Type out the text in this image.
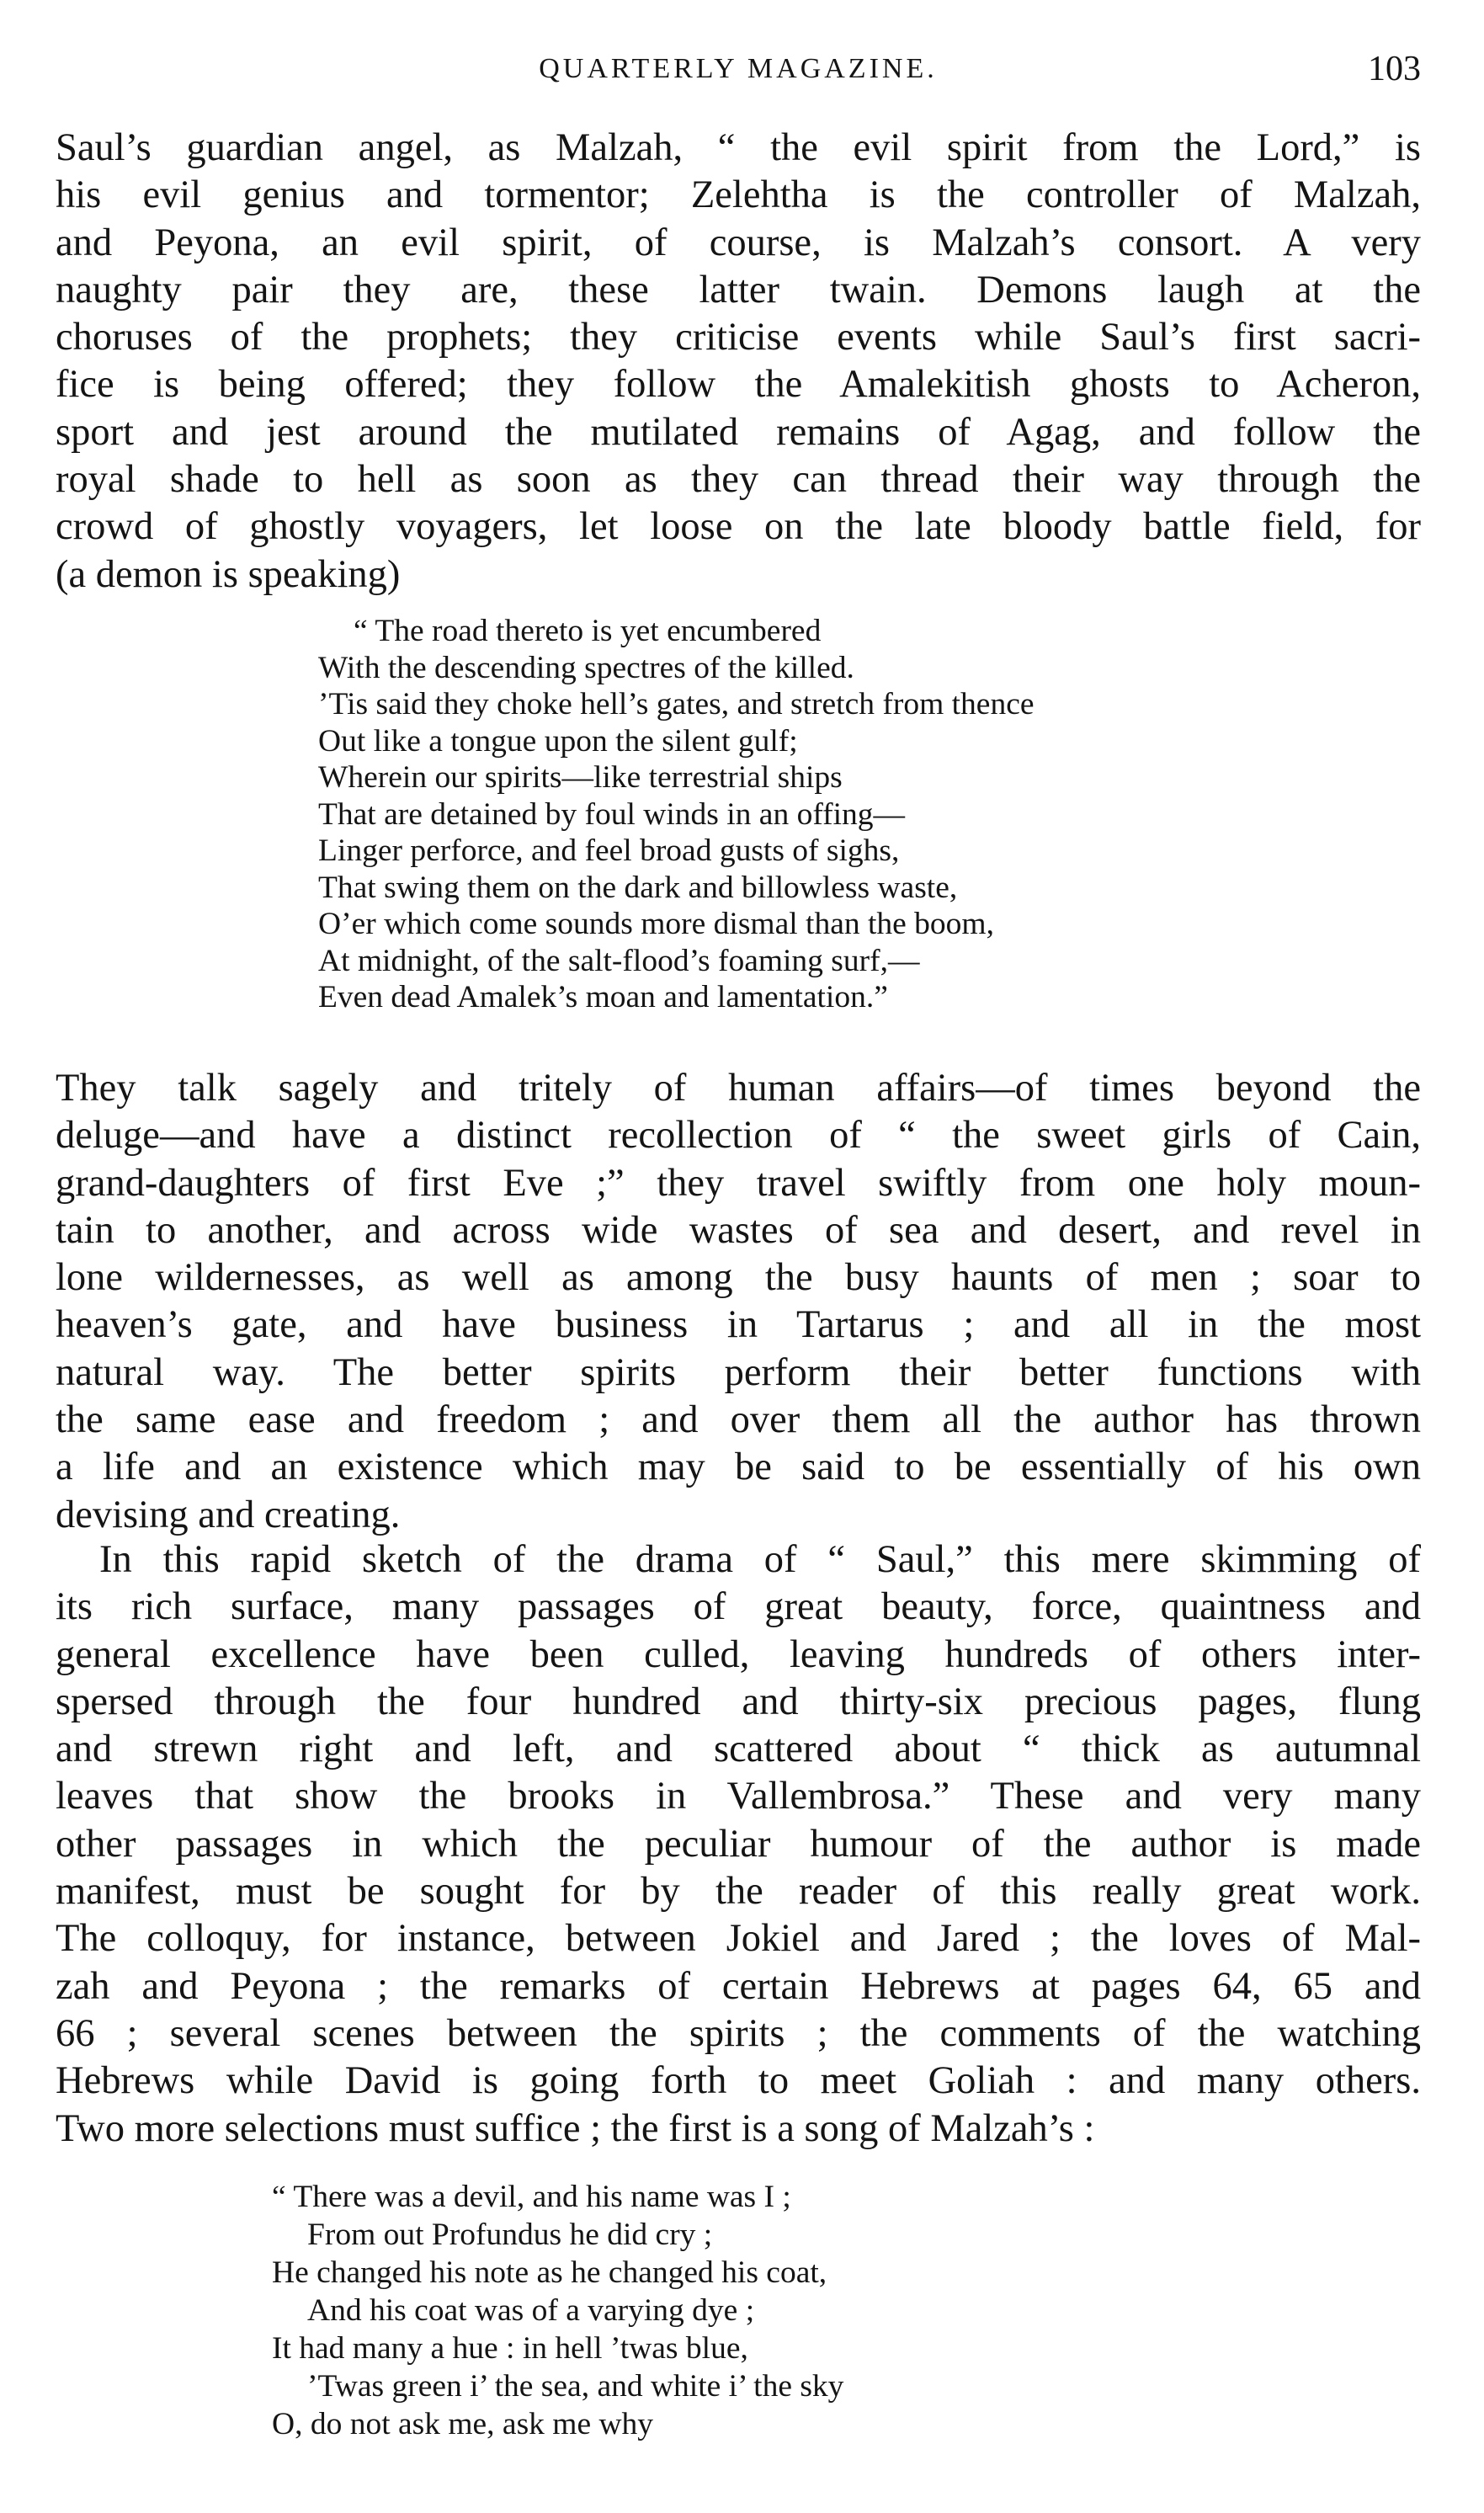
QUARTERLY MAGAZINE.	103

Saul’s guardian angel, as Malzah, “ the evil spirit from the Lord,” is
his evil genius and tormentor; Zelehtha is the controller of Malzah,
and Peyona, an evil spirit, of course, is Malzah’s consort. A very
naughty pair they are, these latter twain. Demons laugh at the
choruses of the prophets; they criticise events while Saul’s first sacri-
fice is being offered; they follow the Amalekitish ghosts to Acheron,
sport and jest around the mutilated remains of Agag, and follow the
royal shade to hell as soon as they can thread their way through the
crowd of ghostly voyagers, let loose on the late bloody battle field, for
(a demon is speaking)

“ The road thereto is yet encumbered
With the descending spectres of the killed.
’Tis said they choke hell’s gates, and stretch from thence
Out like a tongue upon the silent gulf;
Wherein our spirits—like terrestrial ships
That are detained by foul winds in an offing—
Linger perforce, and feel broad gusts of sighs,
That swing them on the dark and billowless waste,
O’er which come sounds more dismal than the boom,
At midnight, of the salt-flood’s foaming surf,—
Even dead Amalek’s moan and lamentation.”

They talk sagely and tritely of human affairs—of times beyond the
deluge—and have a distinct recollection of “ the sweet girls of Cain,
grand-daughters of first Eve ;” they travel swiftly from one holy moun-
tain to another, and across wide wastes of sea and desert, and revel in
lone wildernesses, as well as among the busy haunts of men ; soar to
heaven’s gate, and have business in Tartarus ; and all in the most
natural way. The better spirits perform their better functions with
the same ease and freedom ; and over them all the author has thrown
a life and an existence which may be said to be essentially of his own
devising and creating.

In this rapid sketch of the drama of “ Saul,” this mere skimming of
its rich surface, many passages of great beauty, force, quaintness and
general excellence have been culled, leaving hundreds of others inter-
spersed through the four hundred and thirty-six precious pages, flung
and strewn right and left, and scattered about “ thick as autumnal
leaves that show the brooks in Vallembrosa.” These and very many
other passages in which the peculiar humour of the author is made
manifest, must be sought for by the reader of this really great work.
The colloquy, for instance, between Jokiel and Jared ; the loves of Mal-
zah and Peyona ; the remarks of certain Hebrews at pages 64, 65 and
66 ; several scenes between the spirits ; the comments of the watching
Hebrews while David is going forth to meet Goliah : and many others.
Two more selections must suffice ; the first is a song of Malzah’s :

“ There was a devil, and his name was I ;
From out Profundus he did cry ;
He changed his note as he changed his coat,
And his coat was of a varying dye ;
It had many a hue : in hell ’twas blue,
’Twas green i’ the sea, and white i’ the sky
O, do not ask me, ask me why
